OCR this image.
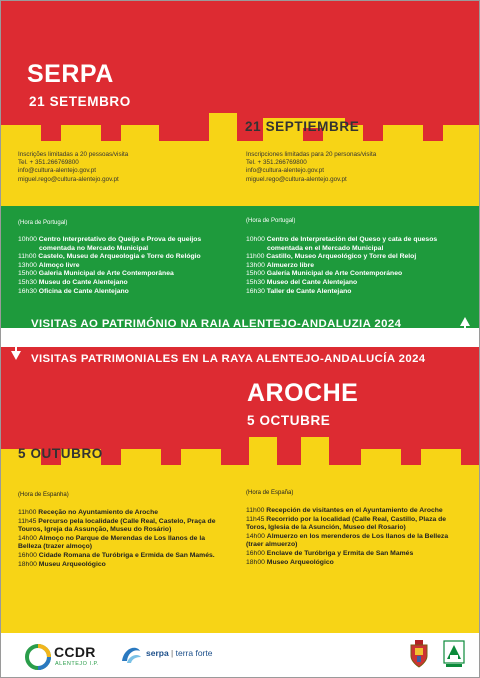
SERPA
21 SETEMBRO
21 SEPTIEMBRE
Inscrições limitadas a 20 pessoas/visita
Tel. + 351.266769800
info@cultura-alentejo.gov.pt
miguel.rego@cultura-alentejo.gov.pt
Inscripciones limitadas para 20 personas/visita
Tel. + 351.266769800
info@cultura-alentejo.gov.pt
miguel.rego@cultura-alentejo.gov.pt
(Hora de Portugal)	(Hora de Portugal)
10h00 Centro Interpretativo do Queijo e Prova de queijos
comentada no Mercado Municipal
11h00 Castelo, Museu de Arqueologia e Torre do Relógio
13h00 Almoço livre
15h00 Galeria Municipal de Arte Contemporânea
15h30 Museu do Cante Alentejano
16h30 Oficina de Cante Alentejano
10h00 Centro de Interpretación del Queso y cata de quesos
comentada en el Mercado Municipal
11h00 Castillo, Museo Arqueológico y Torre del Reloj
13h00 Almuerzo libre
15h00 Galería Municipal de Arte Contemporáneo
15h30 Museo del Cante Alentejano
16h30 Taller de Cante Alentejano
VISITAS AO PATRIMÓNIO NA RAIA ALENTEJO-ANDALUZIA 2024
VISITAS PATRIMONIALES EN LA RAYA ALENTEJO-ANDALUCÍA 2024
AROCHE
5 OCTUBRE
5 OUTUBRO
(Hora de Espanha)	(Hora de España)
11h00 Receção no Ayuntamiento de Aroche
11h45 Percurso pela localidade (Calle Real, Castelo, Praça de
Touros, Igreja da Assunção, Museu do Rosário)
14h00 Almoço no Parque de Merendas de Los llanos de la
Belleza (trazer almoço)
16h00 Cidade Romana de Turóbriga e Ermida de San Mamés.
18h00 Museu Arqueológico
11h00 Recepción de visitantes en el Ayuntamiento de Aroche
11h45 Recorrido por la localidad (Calle Real, Castillo, Plaza de
Toros, Iglesia de la Asunción, Museo del Rosario)
14h00 Almuerzo en los merenderos de Los llanos de la Belleza
(traer almuerzo)
16h00 Enclave de Turóbriga y Ermita de San Mamés
18h00 Museo Arqueológico
CCDR
ALENTEJO I.P.
serpa | terra forte
